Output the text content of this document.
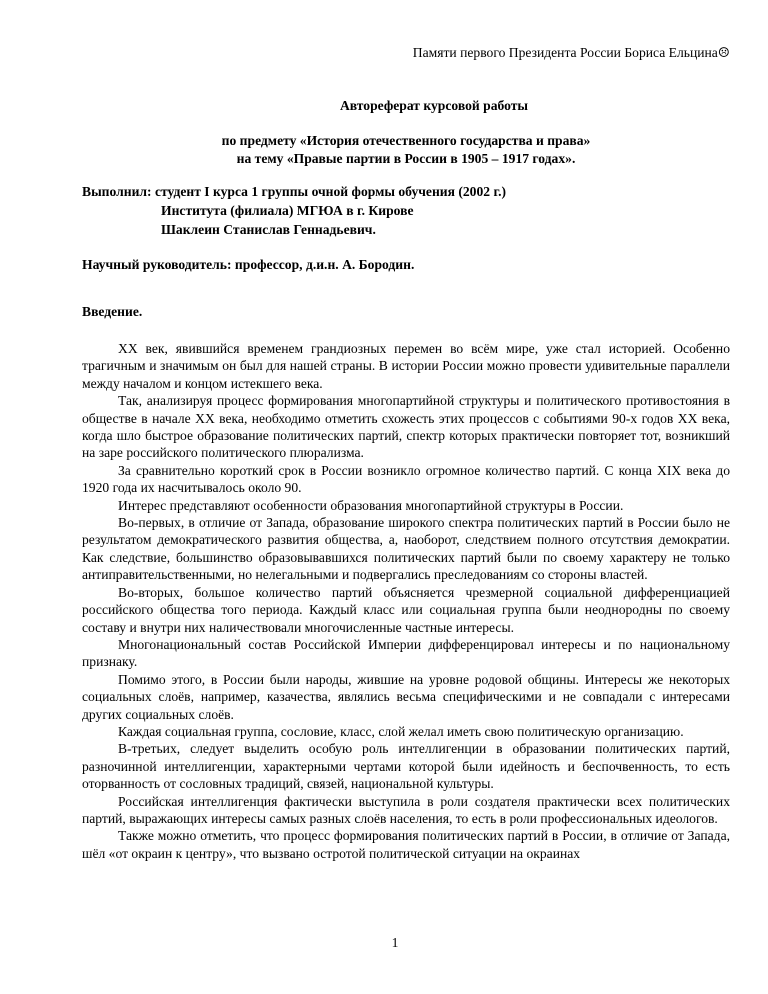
Памяти первого Президента России Бориса Ельцина☹
Автореферат курсовой работы
по предмету «История отечественного государства и права»
на тему «Правые партии в России в 1905 – 1917 годах».
Выполнил: студент I курса 1 группы очной формы обучения (2002 г.)
Института (филиала) МГЮА в г. Кирове
Шаклеин Станислав Геннадьевич.
Научный руководитель: профессор, д.и.н. А. Бородин.
Введение.

XX век, явившийся временем грандиозных перемен во всём мире, уже стал историей. Особенно трагичным и значимым он был для нашей страны. В истории России можно провести удивительные параллели между началом и концом истекшего века.

Так, анализируя процесс формирования многопартийной структуры и политического противостояния в обществе в начале XX века, необходимо отметить схожесть этих процессов с событиями 90-х годов XX века, когда шло быстрое образование политических партий, спектр которых практически повторяет тот, возникший на заре российского политического плюрализма.

За сравнительно короткий срок в России возникло огромное количество партий. С конца XIX века до 1920 года их насчитывалось около 90.

Интерес представляют особенности образования многопартийной структуры в России.

Во-первых, в отличие от Запада, образование широкого спектра политических партий в России было не результатом демократического развития общества, а, наоборот, следствием полного отсутствия демократии. Как следствие, большинство образовывавшихся политических партий были по своему характеру не только антиправительственными, но нелегальными и подвергались преследованиям со стороны властей.

Во-вторых, большое количество партий объясняется чрезмерной социальной дифференциацией российского общества того периода. Каждый класс или социальная группа были неоднородны по своему составу и внутри них наличествовали многочисленные частные интересы.

Многонациональный состав Российской Империи дифференцировал интересы и по национальному признаку.

Помимо этого, в России были народы, жившие на уровне родовой общины. Интересы же некоторых социальных слоёв, например, казачества, являлись весьма специфическими и не совпадали с интересами других социальных слоёв.

Каждая социальная группа, сословие, класс, слой желал иметь свою политическую организацию.

В-третьих, следует выделить особую роль интеллигенции в образовании политических партий, разночинной интеллигенции, характерными чертами которой были идейность и беспочвенность, то есть оторванность от сословных традиций, связей, национальной культуры.

Российская интеллигенция фактически выступила в роли создателя практически всех политических партий, выражающих интересы самых разных слоёв населения, то есть в роли профессиональных идеологов.

Также можно отметить, что процесс формирования политических партий в России, в отличие от Запада, шёл «от окраин к центру», что вызвано остротой политической ситуации на окраинах

1
